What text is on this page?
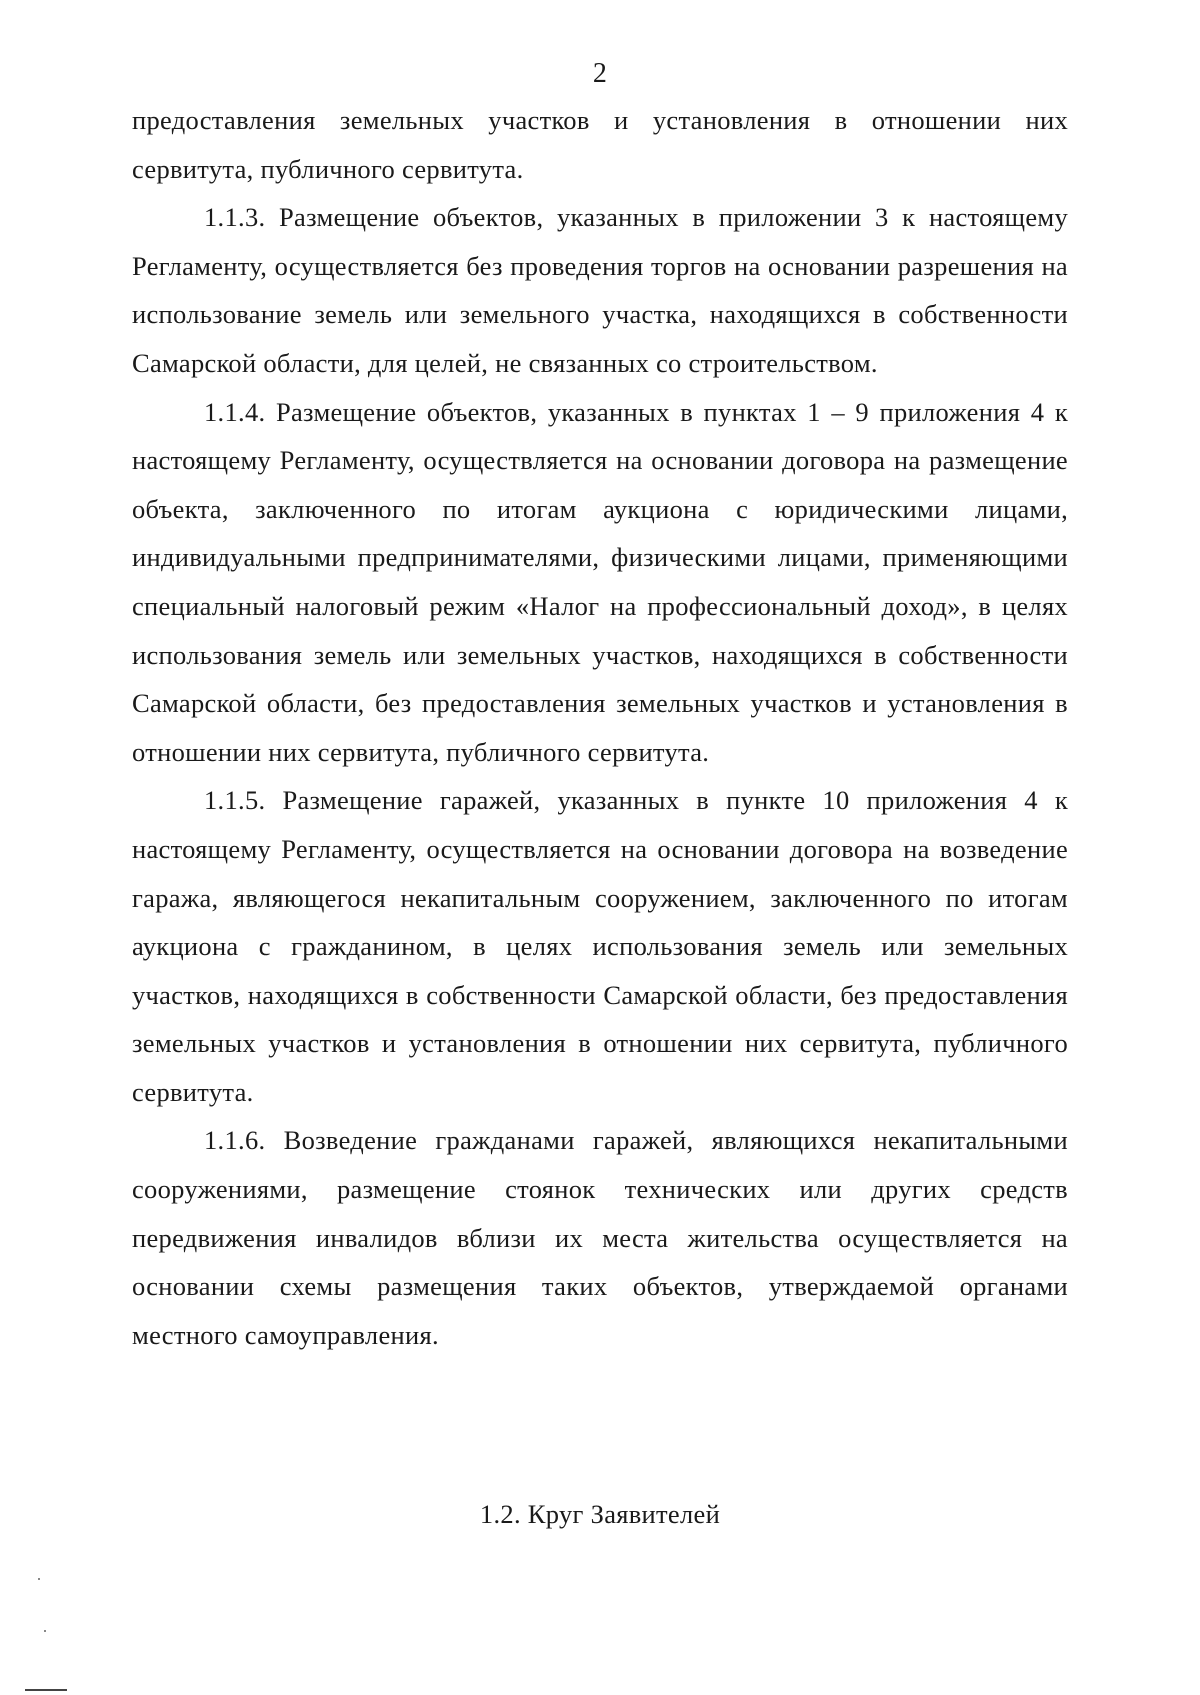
2

предоставления земельных участков и установления в отношении них сервитута, публичного сервитута.

1.1.3. Размещение объектов, указанных в приложении 3 к настоящему Регламенту, осуществляется без проведения торгов на основании разрешения на использование земель или земельного участка, находящихся в собственности Самарской области, для целей, не связанных со строительством.

1.1.4. Размещение объектов, указанных в пунктах 1 – 9 приложения 4 к настоящему Регламенту, осуществляется на основании договора на размещение объекта, заключенного по итогам аукциона с юридическими лицами, индивидуальными предпринимателями, физическими лицами, применяющими специальный налоговый режим «Налог на профессиональный доход», в целях использования земель или земельных участков, находящихся в собственности Самарской области, без предоставления земельных участков и установления в отношении них сервитута, публичного сервитута.

1.1.5. Размещение гаражей, указанных в пункте 10 приложения 4 к настоящему Регламенту, осуществляется на основании договора на возведение гаража, являющегося некапитальным сооружением, заключенного по итогам аукциона с гражданином, в целях использования земель или земельных участков, находящихся в собственности Самарской области, без предоставления земельных участков и установления в отношении них сервитута, публичного сервитута.

1.1.6. Возведение гражданами гаражей, являющихся некапитальными сооружениями, размещение стоянок технических или других средств передвижения инвалидов вблизи их места жительства осуществляется на основании схемы размещения таких объектов, утверждаемой органами местного самоуправления.

1.2. Круг Заявителей
